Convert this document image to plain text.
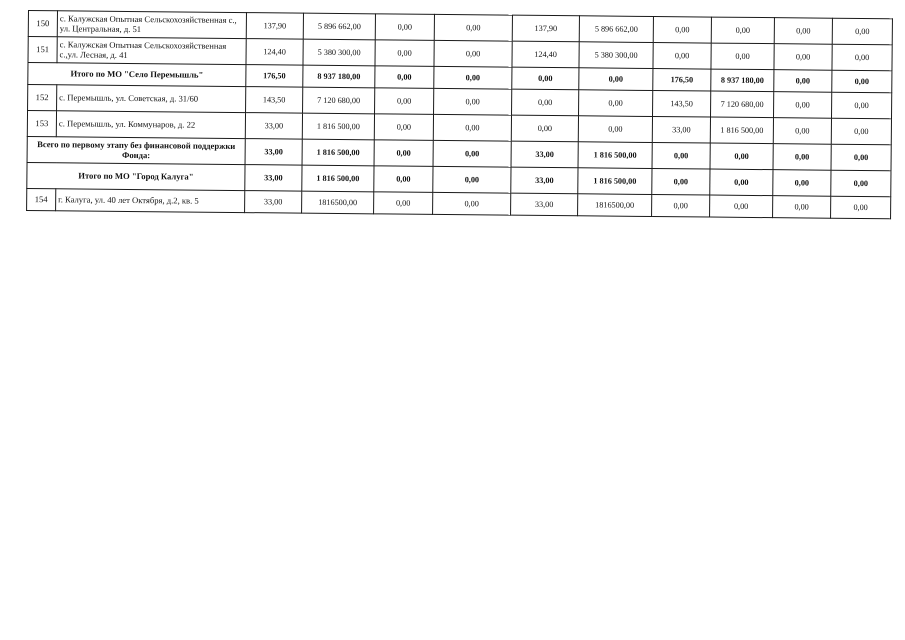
150	с. Калужская Опытная Сельскохозяйственная с., ул. Центральная, д. 51	137,90	5 896 662,00	0,00	0,00	137,90	5 896 662,00	0,00	0,00	0,00	0,00
151	с. Калужская Опытная Сельскохозяйственная с.,ул. Лесная, д. 41	124,40	5 380 300,00	0,00	0,00	124,40	5 380 300,00	0,00	0,00	0,00	0,00
Итого по МО "Село Перемышль"		176,50	8 937 180,00	0,00	0,00	0,00	0,00	176,50	8 937 180,00	0,00	0,00
152	с. Перемышль, ул. Советская, д. 31/60	143,50	7 120 680,00	0,00	0,00	0,00	0,00	143,50	7 120 680,00	0,00	0,00
153	с. Перемышль, ул. Коммунаров, д. 22	33,00	1 816 500,00	0,00	0,00	0,00	0,00	33,00	1 816 500,00	0,00	0,00
Всего по первому этапу без финансовой поддержки Фонда:		33,00	1 816 500,00	0,00	0,00	33,00	1 816 500,00	0,00	0,00	0,00	0,00
Итого по МО "Город Калуга"		33,00	1 816 500,00	0,00	0,00	33,00	1 816 500,00	0,00	0,00	0,00	0,00
154	г. Калуга, ул. 40 лет Октября, д.2, кв. 5	33,00	1816500,00	0,00	0,00	33,00	1816500,00	0,00	0,00	0,00	0,00
